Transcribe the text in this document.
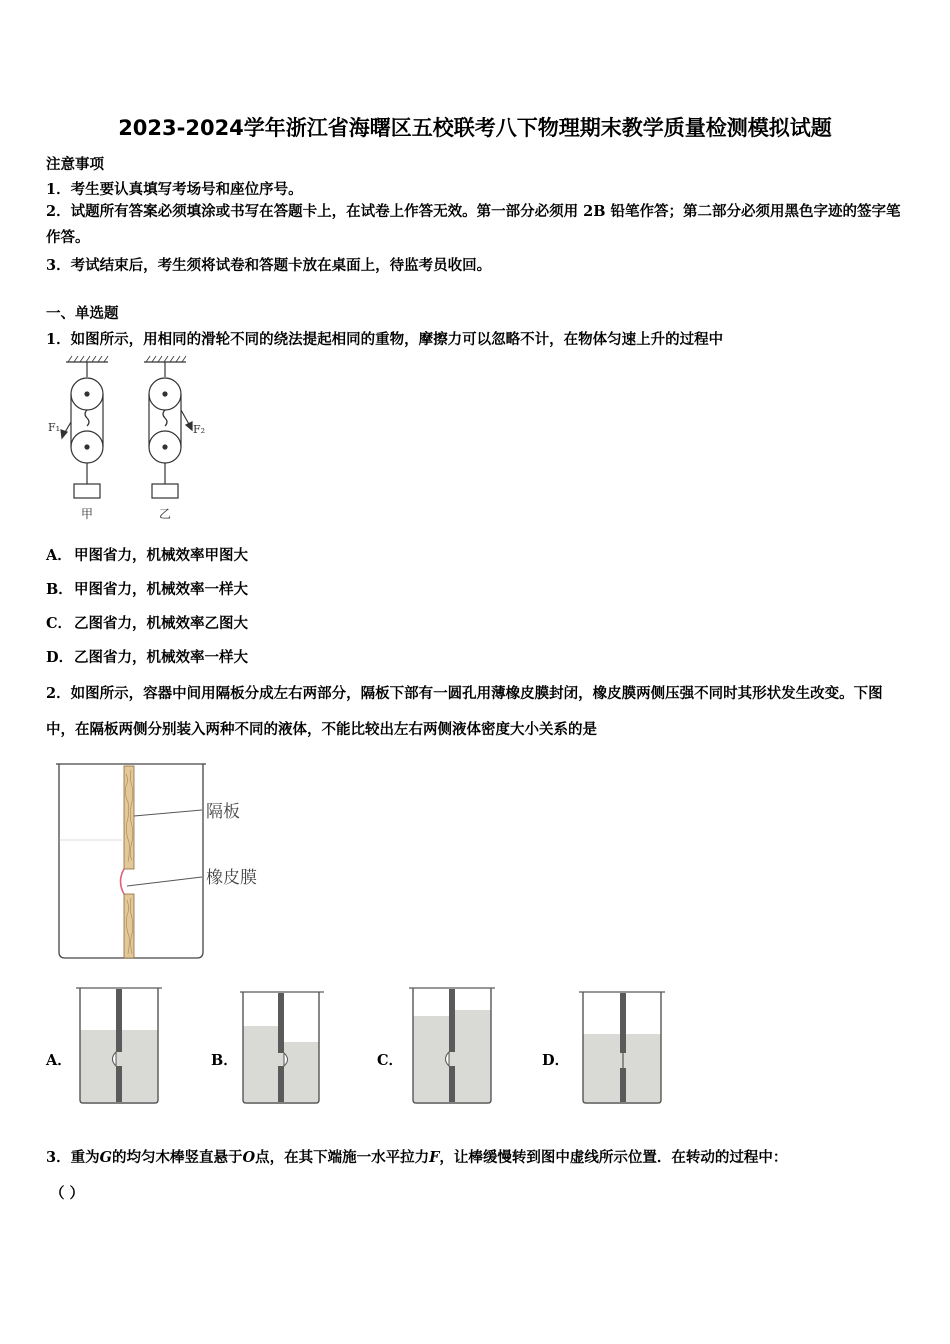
2023-2024学年浙江省海曙区五校联考八下物理期末教学质量检测模拟试题
注意事项
1．考生要认真填写考场号和座位序号。
2．试题所有答案必须填涂或书写在答题卡上，在试卷上作答无效。第一部分必须用 2B 铅笔作答；第二部分必须用黑色字迹的签字笔作答。
3．考试结束后，考生须将试卷和答题卡放在桌面上，待监考员收回。
一、单选题
1．如图所示，用相同的滑轮不同的绕法提起相同的重物，摩擦力可以忽略不计，在物体匀速上升的过程中
F₁	F₂
甲	乙
A． 甲图省力，机械效率甲图大
B．甲图省力，机械效率一样大
C． 乙图省力，机械效率乙图大
D．乙图省力，机械效率一样大
2．如图所示，容器中间用隔板分成左右两部分，隔板下部有一圆孔用薄橡皮膜封闭，橡皮膜两侧压强不同时其形状发生改变。下图中，在隔板两侧分别装入两种不同的液体，不能比较出左右两侧液体密度大小关系的是
隔板
橡皮膜
A．	B．	C．	D．
3．重为G的均匀木棒竖直悬于O点，在其下端施一水平拉力F，让棒缓慢转到图中虚线所示位置．在转动的过程中：
（ ）
